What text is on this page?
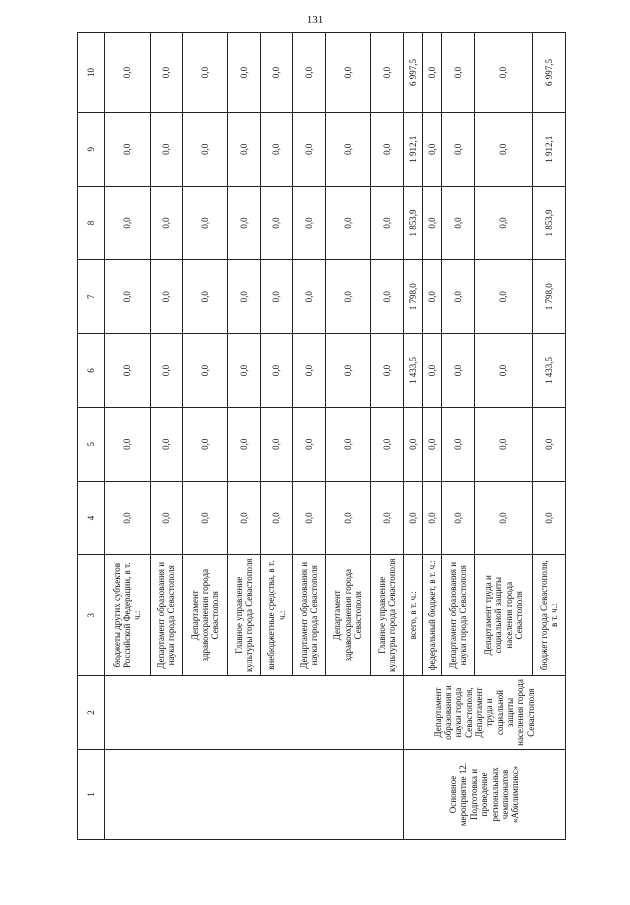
131
1	2	3	4	5	6	7	8	9	10
		бюджеты других субъектов Российской Федерации, в т. ч.:	0,0	0,0	0,0	0,0	0,0	0,0	0,0
		Департамент образования и науки города Севастополя	0,0	0,0	0,0	0,0	0,0	0,0	0,0
		Департамент здравоохранения города Севастополя	0,0	0,0	0,0	0,0	0,0	0,0	0,0
		Главное управление культуры города Севастополя	0,0	0,0	0,0	0,0	0,0	0,0	0,0
		внебюджетные средства, в т. ч.:	0,0	0,0	0,0	0,0	0,0	0,0	0,0
		Департамент образования и науки города Севастополя	0,0	0,0	0,0	0,0	0,0	0,0	0,0
		Департамент здравоохранения города Севастополя	0,0	0,0	0,0	0,0	0,0	0,0	0,0
		Главное управление культуры города Севастополя	0,0	0,0	0,0	0,0	0,0	0,0	0,0
Основное мероприятие 12. Подготовка и проведение региональных чемпионатов «Абилимпикс»	Департамент образования и науки города Севастополя, Департамент труда и социальной защиты населения города Севастополя	всего, в т. ч.:	0,0	0,0	1 433,5	1 798,0	1 853,9	1 912,1	6 997,5
		федеральный бюджет, в т. ч.:	0,0	0,0	0,0	0,0	0,0	0,0	0,0
		Департамент образования и науки города Севастополя	0,0	0,0	0,0	0,0	0,0	0,0	0,0
		Департамент труда и социальной защиты населения города Севастополя	0,0	0,0	0,0	0,0	0,0	0,0	0,0
		бюджет города Севастополя, в т. ч.:	0,0	0,0	1 433,5	1 798,0	1 853,9	1 912,1	6 997,5
